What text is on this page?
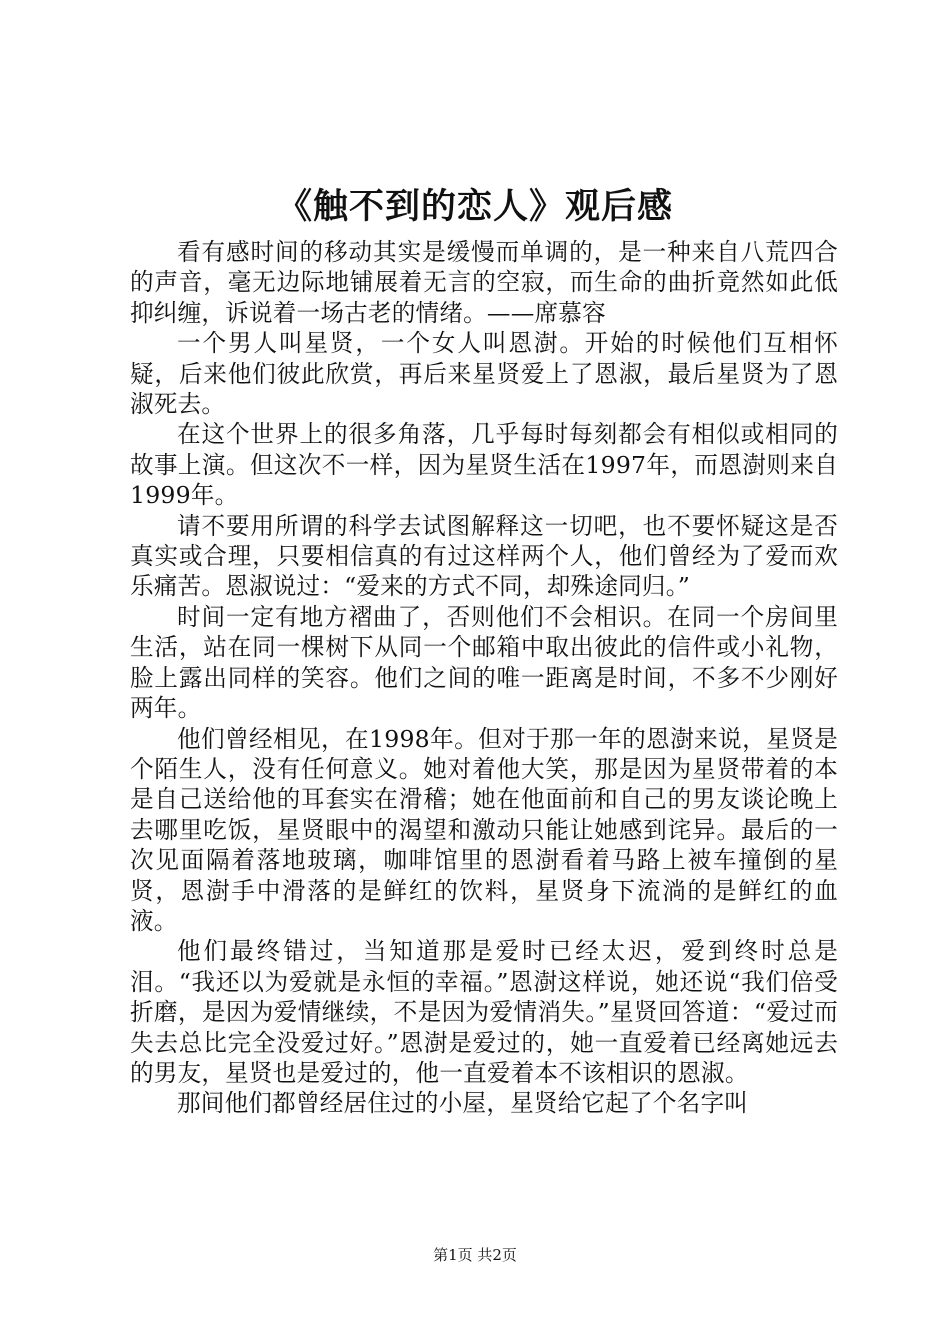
《触不到的恋人》观后感

看有感时间的移动其实是缓慢而单调的，是一种来自八荒四合的声音，毫无边际地铺展着无言的空寂，而生命的曲折竟然如此低抑纠缠，诉说着一场古老的情绪。——席慕容

一个男人叫星贤，一个女人叫恩澍。开始的时候他们互相怀疑，后来他们彼此欣赏，再后来星贤爱上了恩淑，最后星贤为了恩淑死去。

在这个世界上的很多角落，几乎每时每刻都会有相似或相同的故事上演。但这次不一样，因为星贤生活在1997年，而恩澍则来自1999年。

请不要用所谓的科学去试图解释这一切吧，也不要怀疑这是否真实或合理，只要相信真的有过这样两个人，他们曾经为了爱而欢乐痛苦。恩淑说过：“爱来的方式不同，却殊途同归。”

时间一定有地方褶曲了，否则他们不会相识。在同一个房间里生活，站在同一棵树下从同一个邮箱中取出彼此的信件或小礼物，脸上露出同样的笑容。他们之间的唯一距离是时间，不多不少刚好两年。

他们曾经相见，在1998年。但对于那一年的恩澍来说，星贤是个陌生人，没有任何意义。她对着他大笑，那是因为星贤带着的本是自己送给他的耳套实在滑稽；她在他面前和自己的男友谈论晚上去哪里吃饭，星贤眼中的渴望和激动只能让她感到诧异。最后的一次见面隔着落地玻璃，咖啡馆里的恩澍看着马路上被车撞倒的星贤，恩澍手中滑落的是鲜红的饮料，星贤身下流淌的是鲜红的血液。

他们最终错过，当知道那是爱时已经太迟，爱到终时总是泪。“我还以为爱就是永恒的幸福。”恩澍这样说，她还说“我们倍受折磨，是因为爱情继续，不是因为爱情消失。”星贤回答道：“爱过而失去总比完全没爱过好。”恩澍是爱过的，她一直爱着已经离她远去的男友，星贤也是爱过的，他一直爱着本不该相识的恩淑。

那间他们都曾经居住过的小屋，星贤给它起了个名字叫

第1页 共2页
